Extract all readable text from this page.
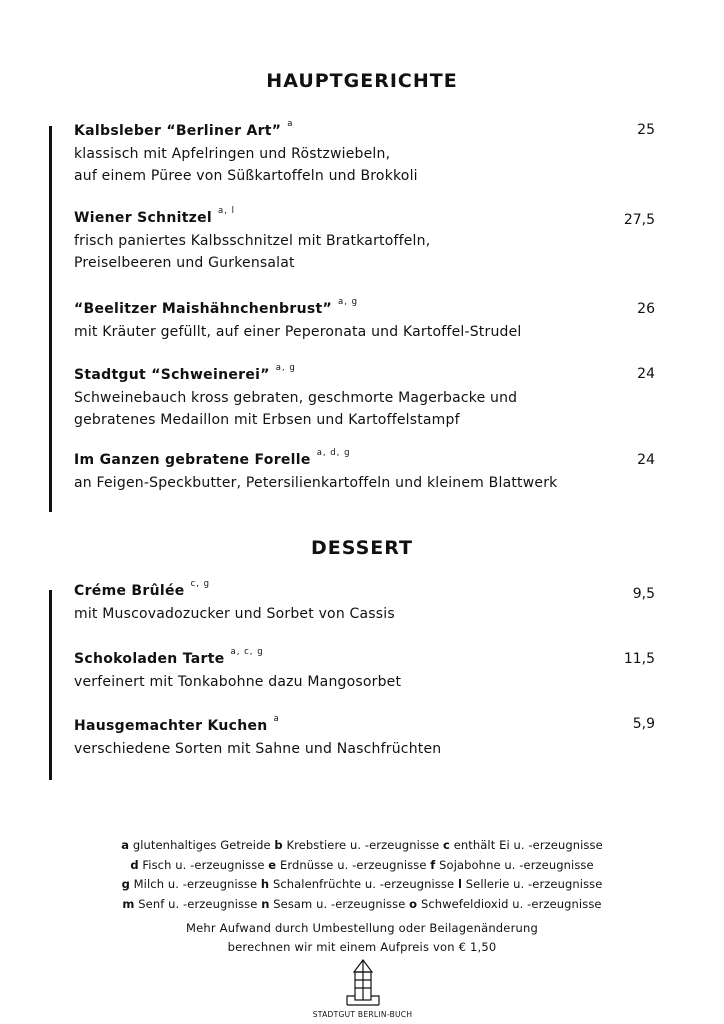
HAUPTGERICHTE
Kalbsleber “Berliner Art” $^a$
klassisch mit Apfelringen und Röstzwiebeln,
auf einem Püree von Süßkartoffeln und Brokkoli
25
Wiener Schnitzel $^{a, l}$
frisch paniertes Kalbsschnitzel mit Bratkartoffeln,
Preiselbeeren und Gurkensalat
27,5
“Beelitzer Maishähnchenbrust” $^{a, g}$
mit Kräuter gefüllt, auf einer Peperonata und Kartoffel-Strudel
26
Stadtgut “Schweinerei” $^{a, g}$
Schweinebauch kross gebraten, geschmorte Magerbacke und
gebratenes Medaillon mit Erbsen und Kartoffelstampf
24
Im Ganzen gebratene Forelle $^{a, d, g}$
an Feigen-Speckbutter, Petersilienkartoffeln und kleinem Blattwerk
24
DESSERT
Créme Brûlée $^{c, g}$
mit Muscovadozucker und Sorbet von Cassis
9,5
Schokoladen Tarte $^{a, c, g}$
verfeinert mit Tonkabohne dazu Mangosorbet
11,5
Hausgemachter Kuchen $^a$
verschiedene Sorten mit Sahne und Naschfrüchten
5,9
a glutenhaltiges Getreide b Krebstiere u. -erzeugnisse c enthält Ei u. -erzeugnisse
d Fisch u. -erzeugnisse e Erdnüsse u. -erzeugnisse f Sojabohne u. -erzeugnisse
g Milch u. -erzeugnisse h Schalenfrüchte u. -erzeugnisse l Sellerie u. -erzeugnisse
m Senf u. -erzeugnisse n Sesam u. -erzeugnisse o Schwefeldioxid u. -erzeugnisse
Mehr Aufwand durch Umbestellung oder Beilagenänderung
berechnen wir mit einem Aufpreis von € 1,50
STADTGUT BERLIN-BUCH
